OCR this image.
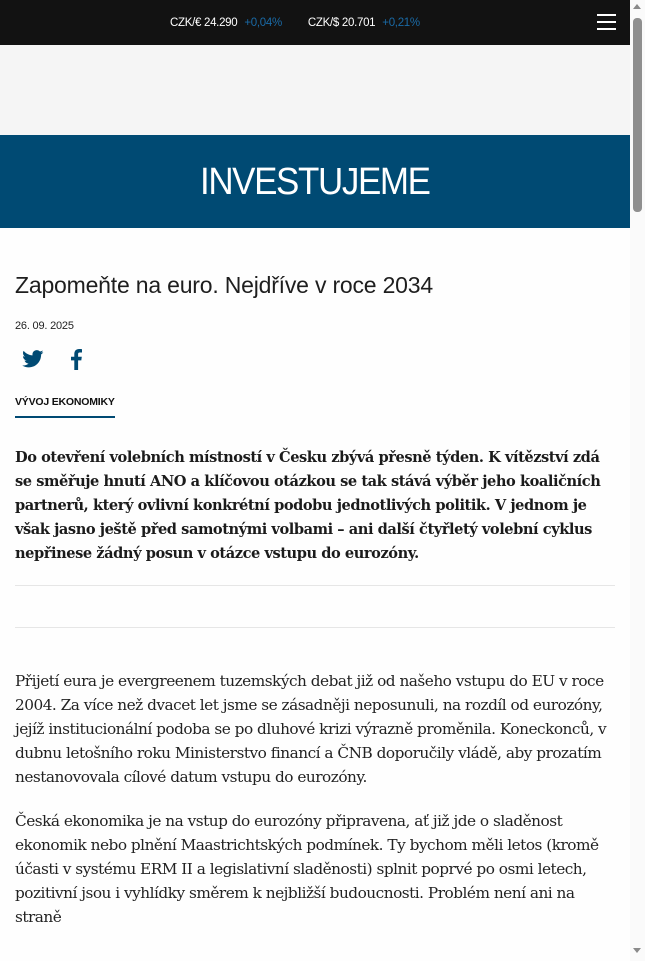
CZK/€ 24.290 +0,04% CZK/$ 20.701 +0,21%
INVESTUJEME
Zapomeňte na euro. Nejdříve v roce 2034
26. 09. 2025
VÝVOJ EKONOMIKY

Do otevření volebních místností v Česku zbývá přesně týden. K vítězství zdá se směřuje hnutí ANO a klíčovou otázkou se tak stává výběr jeho koaličních partnerů, který ovlivní konkrétní podobu jednotlivých politik. V jednom je však jasno ještě před samotnými volbami – ani další čtyřletý volební cyklus nepřinese žádný posun v otázce vstupu do eurozóny.

Přijetí eura je evergreenem tuzemských debat již od našeho vstupu do EU v roce 2004. Za více než dvacet let jsme se zásadněji neposunuli, na rozdíl od eurozóny, jejíž institucionální podoba se po dluhové krizi výrazně proměnila. Koneckonců, v dubnu letošního roku Ministerstvo financí a ČNB doporučily vládě, aby prozatím nestanovovala cílové datum vstupu do eurozóny.

Česká ekonomika je na vstup do eurozóny připravena, ať již jde o sladěnost ekonomik nebo plnění Maastrichtských podmínek. Ty bychom měli letos (kromě účasti v systému ERM II a legislativní sladěnosti) splnit poprvé po osmi letech, pozitivní jsou i vyhlídky směrem k nejbližší budoucnosti. Problém není ani na straně
